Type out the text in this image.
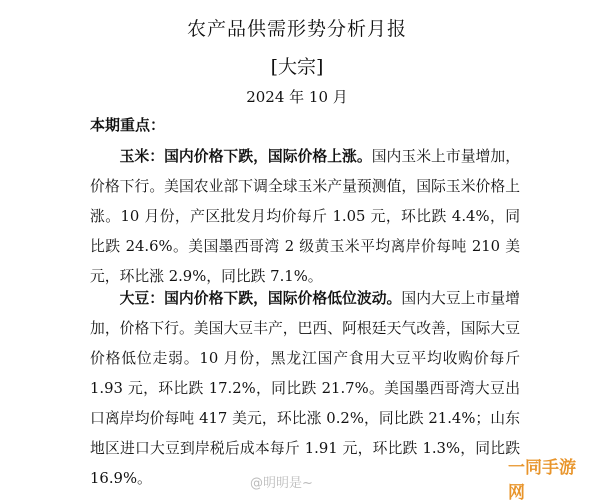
农产品供需形势分析月报
[大宗]
2024 年 10 月
本期重点：

玉米：国内价格下跌，国际价格上涨。国内玉米上市量增加，价格下行。美国农业部下调全球玉米产量预测值，国际玉米价格上涨。10 月份，产区批发月均价每斤 1.05 元，环比跌 4.4%，同比跌 24.6%。美国墨西哥湾 2 级黄玉米平均离岸价每吨 210 美元，环比涨 2.9%，同比跌 7.1%。

大豆：国内价格下跌，国际价格低位波动。国内大豆上市量增加，价格下行。美国大豆丰产，巴西、阿根廷天气改善，国际大豆价格低位走弱。10 月份，黑龙江国产食用大豆平均收购价每斤 1.93 元，环比跌 17.2%，同比跌 21.7%。美国墨西哥湾大豆出口离岸均价每吨 417 美元，环比涨 0.2%，同比跌 21.4%；山东地区进口大豆到岸税后成本每斤 1.91 元，环比跌 1.3%，同比跌 16.9%。	@明明是~
一同手游网
